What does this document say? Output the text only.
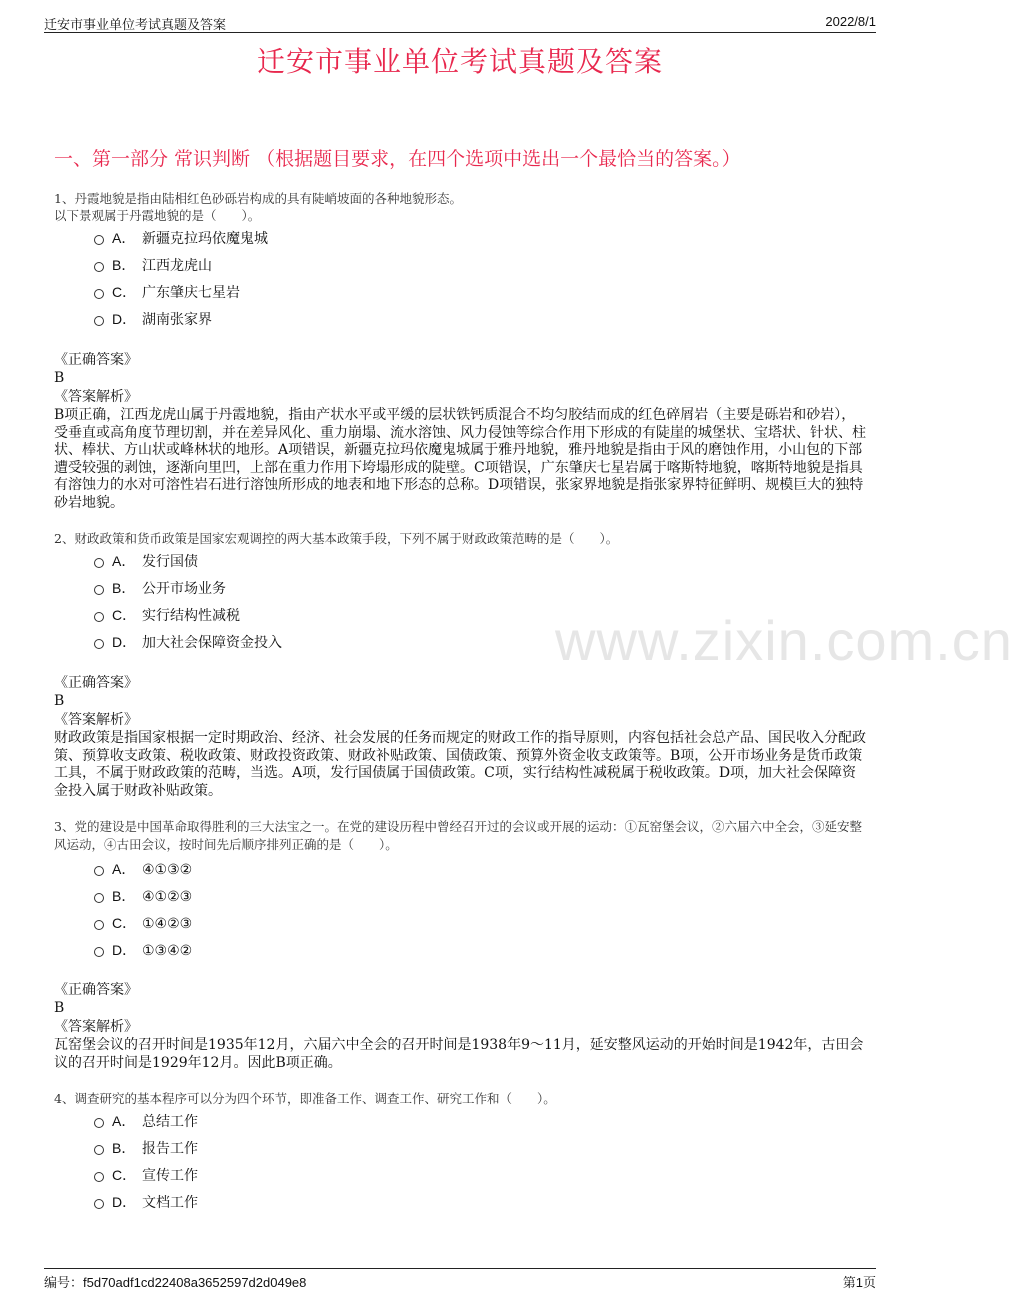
迁安市事业单位考试真题及答案	2022/8/1
迁安市事业单位考试真题及答案
一、第一部分 常识判断 （根据题目要求，在四个选项中选出一个最恰当的答案。）
www.zixin.com.cn
1、丹霞地貌是指由陆相红色砂砾岩构成的具有陡峭坡面的各种地貌形态。
以下景观属于丹霞地貌的是（　　）。
A． 新疆克拉玛依魔鬼城
B． 江西龙虎山
C． 广东肇庆七星岩
D． 湖南张家界
《正确答案》
B
《答案解析》
B项正确，江西龙虎山属于丹霞地貌，指由产状水平或平缓的层状铁钙质混合不均匀胶结而成的红色碎屑岩（主要是砾岩和砂岩），受垂直或高角度节理切割，并在差异风化、重力崩塌、流水溶蚀、风力侵蚀等综合作用下形成的有陡崖的城堡状、宝塔状、针状、柱状、棒状、方山状或峰林状的地形。A项错误，新疆克拉玛依魔鬼城属于雅丹地貌，雅丹地貌是指由于风的磨蚀作用，小山包的下部遭受较强的剥蚀，逐渐向里凹，上部在重力作用下垮塌形成的陡壁。C项错误，广东肇庆七星岩属于喀斯特地貌，喀斯特地貌是指具有溶蚀力的水对可溶性岩石进行溶蚀所形成的地表和地下形态的总称。D项错误，张家界地貌是指张家界特征鲜明、规模巨大的独特砂岩地貌。
2、财政政策和货币政策是国家宏观调控的两大基本政策手段，下列不属于财政政策范畴的是（　　）。
A． 发行国债
B． 公开市场业务
C． 实行结构性减税
D． 加大社会保障资金投入
《正确答案》
B
《答案解析》
财政政策是指国家根据一定时期政治、经济、社会发展的任务而规定的财政工作的指导原则，内容包括社会总产品、国民收入分配政策、预算收支政策、税收政策、财政投资政策、财政补贴政策、国债政策、预算外资金收支政策等。B项，公开市场业务是货币政策工具，不属于财政政策的范畴，当选。A项，发行国债属于国债政策。C项，实行结构性减税属于税收政策。D项，加大社会保障资金投入属于财政补贴政策。
3、党的建设是中国革命取得胜利的三大法宝之一。在党的建设历程中曾经召开过的会议或开展的运动：①瓦窑堡会议，②六届六中全会，③延安整风运动，④古田会议，按时间先后顺序排列正确的是（　　）。
A． ④①③②
B． ④①②③
C． ①④②③
D． ①③④②
《正确答案》
B
《答案解析》
瓦窑堡会议的召开时间是1935年12月，六届六中全会的召开时间是1938年9～11月，延安整风运动的开始时间是1942年，古田会议的召开时间是1929年12月。因此B项正确。
4、调查研究的基本程序可以分为四个环节，即准备工作、调查工作、研究工作和（　　）。
A． 总结工作
B． 报告工作
C． 宣传工作
D． 文档工作
编号：f5d70adf1cd22408a3652597d2d049e8	第1页
